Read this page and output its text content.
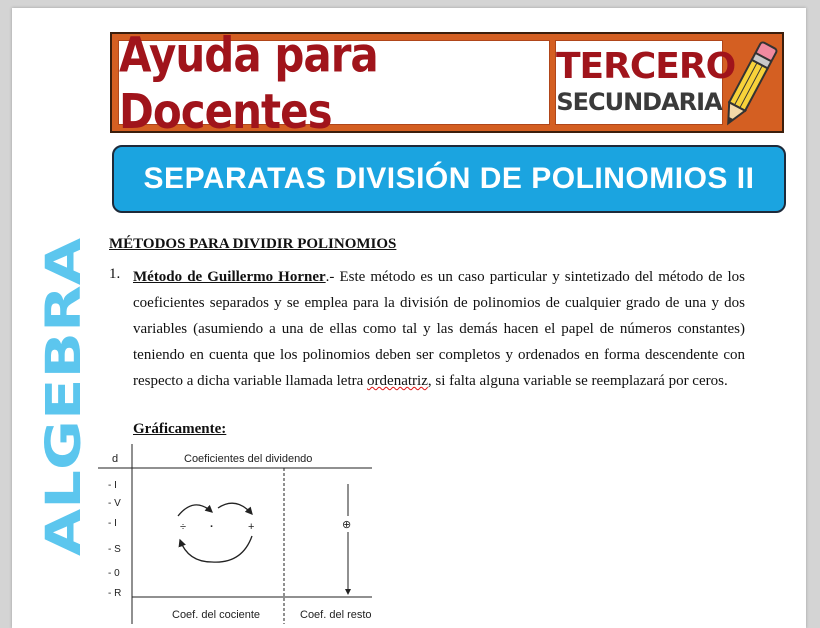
Ayuda para Docentes
TERCERO
SECUNDARIA
SEPARATAS DIVISIÓN DE POLINOMIOS II
ALGEBRA
MÉTODOS PARA DIVIDIR POLINOMIOS
1. Método de Guillermo Horner.- Este método es un caso particular y sintetizado del método de los coeficientes separados y se emplea para la división de polinomios de cualquier grado de una y dos variables (asumiendo a una de ellas como tal y las demás hacen el papel de números constantes) teniendo en cuenta que los polinomios deben ser completos y ordenados en forma descendente con respecto a dicha variable llamada letra ordenatriz, si falta alguna variable se reemplazará por ceros.
Gráficamente:
d	Coeficientes del dividendo
- I
- V
- I
- S
- 0
- R
÷ ·	+	⊕
Coef. del cociente	Coef. del resto
